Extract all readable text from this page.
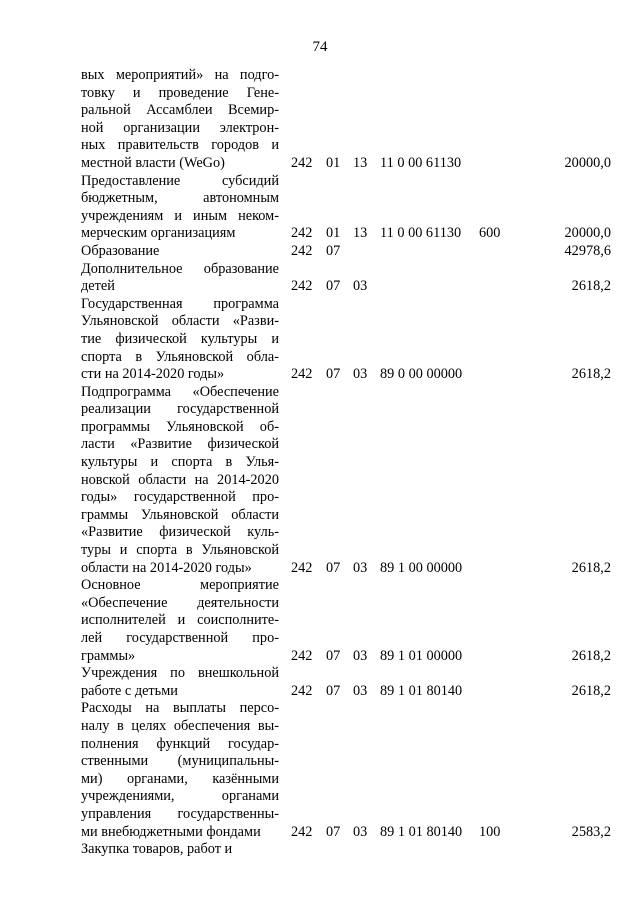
74
вых мероприятий» на подго-
товку и проведение Гене-
ральной Ассамблеи Всемир-
ной организации электрон-
ных правительств городов и
местной власти (WeGo)	242 01 13 11 0 00 61130	20000,0
Предоставление субсидий
бюджетным, автономным
учреждениям и иным неком-
мерческим организациям	242 01 13 11 0 00 61130 600	20000,0
Образование	242 07	42978,6
Дополнительное образование
детей	242 07 03	2618,2
Государственная программа
Ульяновской области «Разви-
тие физической культуры и
спорта в Ульяновской обла-
сти на 2014-2020 годы»	242 07 03 89 0 00 00000	2618,2
Подпрограмма «Обеспечение
реализации государственной
программы Ульяновской об-
ласти «Развитие физической
культуры и спорта в Улья-
новской области на 2014-2020
годы» государственной про-
граммы Ульяновской области
«Развитие физической куль-
туры и спорта в Ульяновской
области на 2014-2020 годы»	242 07 03 89 1 00 00000	2618,2
Основное мероприятие
«Обеспечение деятельности
исполнителей и соисполните-
лей государственной про-
граммы»	242 07 03 89 1 01 00000	2618,2
Учреждения по внешкольной
работе с детьми	242 07 03 89 1 01 80140	2618,2
Расходы на выплаты персо-
налу в целях обеспечения вы-
полнения функций государ-
ственными (муниципальны-
ми) органами, казёнными
учреждениями, органами
управления государственны-
ми внебюджетными фондами	242 07 03 89 1 01 80140 100	2583,2
Закупка товаров, работ и
